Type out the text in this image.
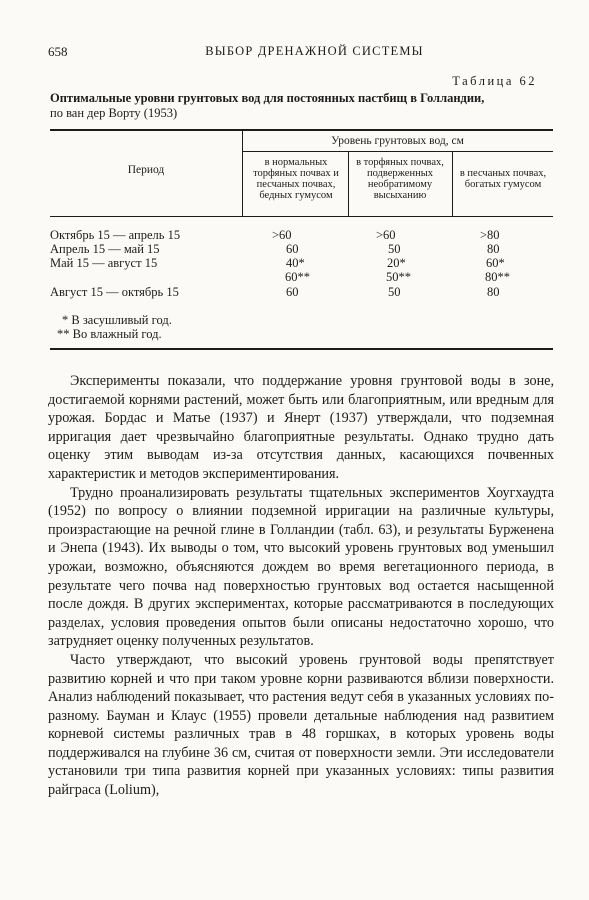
658	ВЫБОР ДРЕНАЖНОЙ СИСТЕМЫ
Таблица 62
Оптимальные уровни грунтовых вод для постоянных пастбищ в Голландии,
по ван дер Ворту (1953)
Период
Уровень грунтовых вод, см
в нормальных торфяных почвах и песчаных почвах, бедных гумусом
в торфяных почвах, подверженных необратимому высыханию
в песчаных почвах, богатых гумусом
Октябрь 15 — апрель 15	>60	>60	>80
Апрель 15 — май 15	60	50	80
Май 15 — август 15	40*	20*	60*
60**	50**	80**
Август 15 — октябрь 15	60	50	80
* В засушливый год.
** Во влажный год.

Эксперименты показали, что поддержание уровня грунтовой воды в зоне, достигаемой корнями растений, может быть или благоприятным, или вредным для урожая. Бордас и Матье (1937) и Янерт (1937) утверждали, что подземная ирригация дает чрезвычайно благоприятные результаты. Однако трудно дать оценку этим выводам из-за отсутствия данных, касающихся почвенных характеристик и методов экспериментирования.

Трудно проанализировать результаты тщательных экспериментов Хоугхаудта (1952) по вопросу о влиянии подземной ирригации на различные культуры, произрастающие на речной глине в Голландии (табл. 63), и результаты Бурженена и Энепа (1943). Их выводы о том, что высокий уровень грунтовых вод уменьшил урожаи, возможно, объясняются дождем во время вегетационного периода, в результате чего почва над поверхностью грунтовых вод остается насыщенной после дождя. В других экспериментах, которые рассматриваются в последующих разделах, условия проведения опытов были описаны недостаточно хорошо, что затрудняет оценку полученных результатов.

Часто утверждают, что высокий уровень грунтовой воды препятствует развитию корней и что при таком уровне корни развиваются вблизи поверхности. Анализ наблюдений показывает, что растения ведут себя в указанных условиях по-разному. Бауман и Клаус (1955) провели детальные наблюдения над развитием корневой системы различных трав в 48 горшках, в которых уровень воды поддерживался на глубине 36 см, считая от поверхности земли. Эти исследователи установили три типа развития корней при указанных условиях: типы развития райграса (Lolium),
